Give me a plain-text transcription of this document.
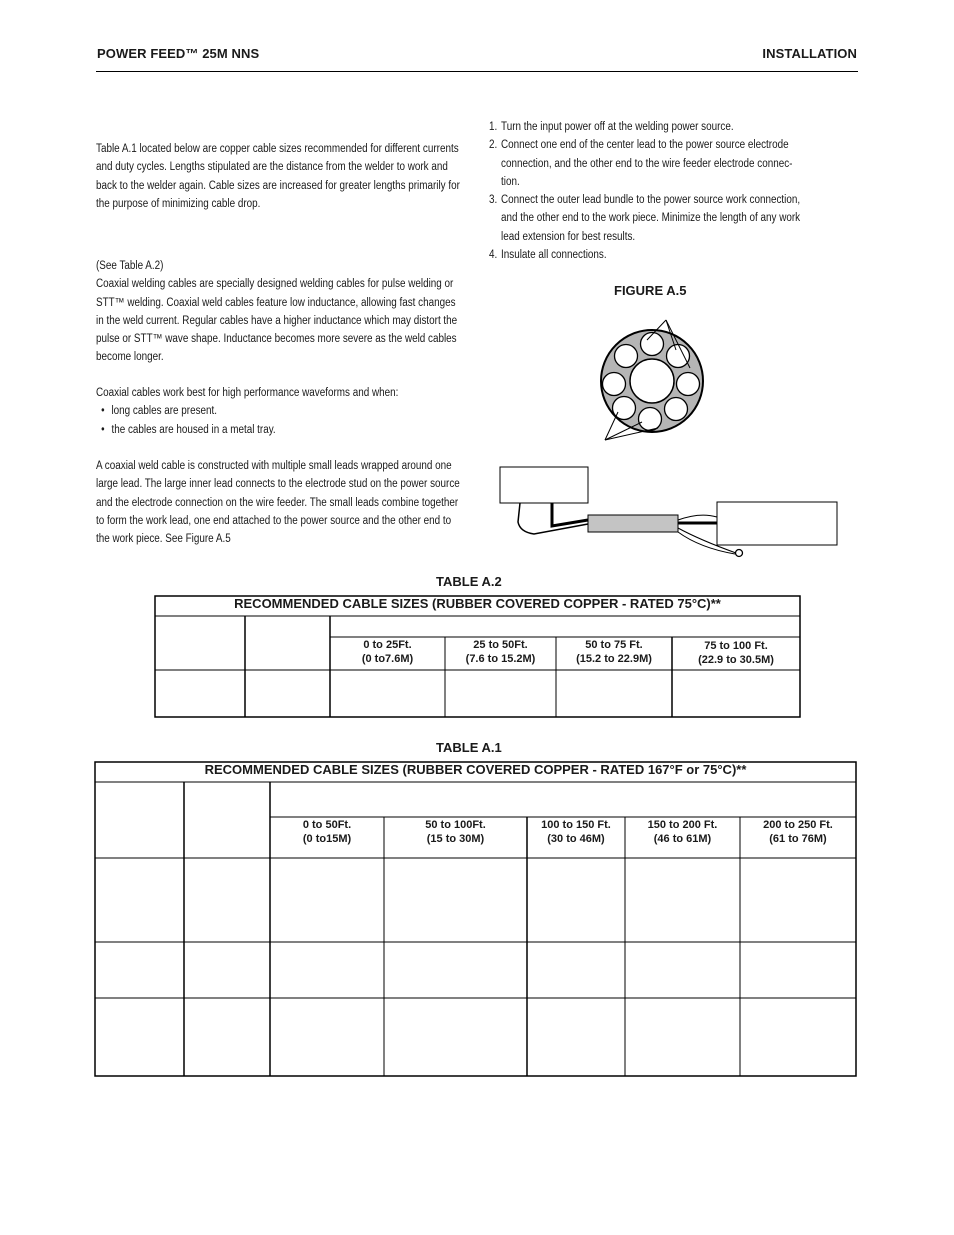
POWER FEED™ 25M NNS	INSTALLATION

Table A.1 located below are copper cable sizes recommended for different currents

and duty cycles. Lengths stipulated are the distance from the welder to work and

back to the welder again. Cable sizes are increased for greater lengths primarily for

the purpose of minimizing cable drop.

(See Table A.2)

Coaxial welding cables are specially designed welding cables for pulse welding or

STT™ welding. Coaxial weld cables feature low inductance, allowing fast changes

in the weld current. Regular cables have a higher inductance which may distort the

pulse or STT™ wave shape. Inductance becomes more severe as the weld cables

become longer.

Coaxial cables work best for high performance waveforms and when:

• long cables are present.
• the cables are housed in a metal tray.

A coaxial weld cable is constructed with multiple small leads wrapped around one

large lead. The large inner lead connects to the electrode stud on the power source

and the electrode connection on the wire feeder. The small leads combine together

to form the work lead, one end attached to the power source and the other end to

the work piece. See Figure A.5

1. Turn the input power off at the welding power source.
2. Connect one end of the center lead to the power source electrode
connection, and the other end to the wire feeder electrode connec-
tion.
3. Connect the outer lead bundle to the power source work connection,
and the other end to the work piece. Minimize the length of any work
lead extension for best results.
4. Insulate all connections.
FIGURE A.5
TABLE A.2
RECOMMENDED CABLE SIZES (RUBBER COVERED COPPER - RATED 75°C)**
0 to 25Ft.
(0 to7.6M)
25 to 50Ft.
(7.6 to 15.2M)
50 to 75 Ft.
(15.2 to 22.9M)
75 to 100 Ft.
(22.9 to 30.5M)
TABLE A.1
RECOMMENDED CABLE SIZES (RUBBER COVERED COPPER - RATED 167°F or 75°C)**
0 to 50Ft.
(0 to15M)
50 to 100Ft.
(15 to 30M)
100 to 150 Ft.
(30 to 46M)
150 to 200 Ft.
(46 to 61M)
200 to 250 Ft.
(61 to 76M)
